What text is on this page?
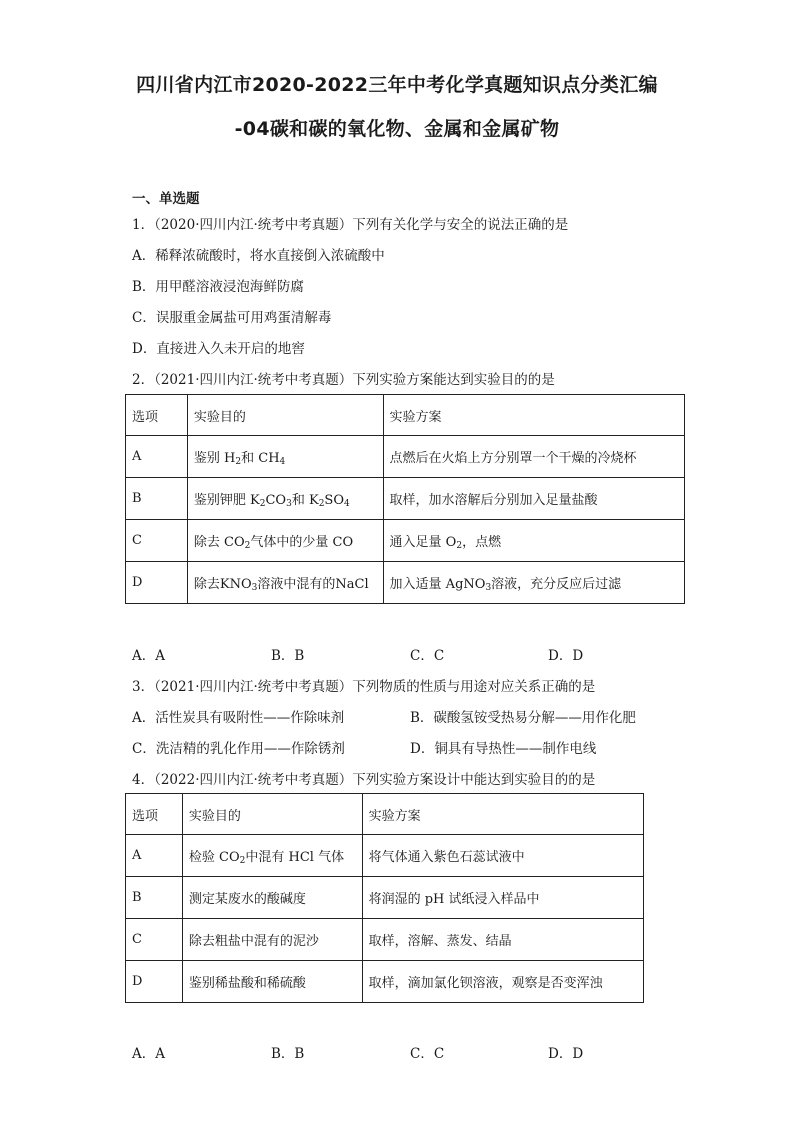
四川省内江市2020-2022三年中考化学真题知识点分类汇编
-04碳和碳的氧化物、金属和金属矿物
一、单选题
1．（2020·四川内江·统考中考真题）下列有关化学与安全的说法正确的是
A．稀释浓硫酸时，将水直接倒入浓硫酸中
B．用甲醛溶液浸泡海鲜防腐
C．误服重金属盐可用鸡蛋清解毒
D．直接进入久未开启的地窖
2．（2021·四川内江·统考中考真题）下列实验方案能达到实验目的的是
选项	实验目的	实验方案
A	鉴别 $H_2$和 $CH_4$	点燃后在火焰上方分别罩一个干燥的冷烧杯
B	鉴别钾肥 $K_2CO_3$和 $K_2SO_4$	取样，加水溶解后分别加入足量盐酸
C	除去 $CO_2$气体中的少量 CO	通入足量 $O_2$，点燃
D	除去$KNO_3$溶液中混有的NaCl	加入适量 AgNO$_3$溶液，充分反应后过滤
A．A	B．B	C．C	D．D
3．（2021·四川内江·统考中考真题）下列物质的性质与用途对应关系正确的是
A．活性炭具有吸附性——作除味剂	B．碳酸氢铵受热易分解——用作化肥
C．洗洁精的乳化作用——作除锈剂	D．铜具有导热性——制作电线
4．（2022·四川内江·统考中考真题）下列实验方案设计中能达到实验目的的是
选项	实验目的	实验方案
A	检验 $CO_2$中混有 HCl 气体	将气体通入紫色石蕊试液中
B	测定某废水的酸碱度	将润湿的 pH 试纸浸入样品中
C	除去粗盐中混有的泥沙	取样，溶解、蒸发、结晶
D	鉴别稀盐酸和稀硫酸	取样，滴加氯化钡溶液，观察是否变浑浊
A．A	B．B	C．C	D．D
